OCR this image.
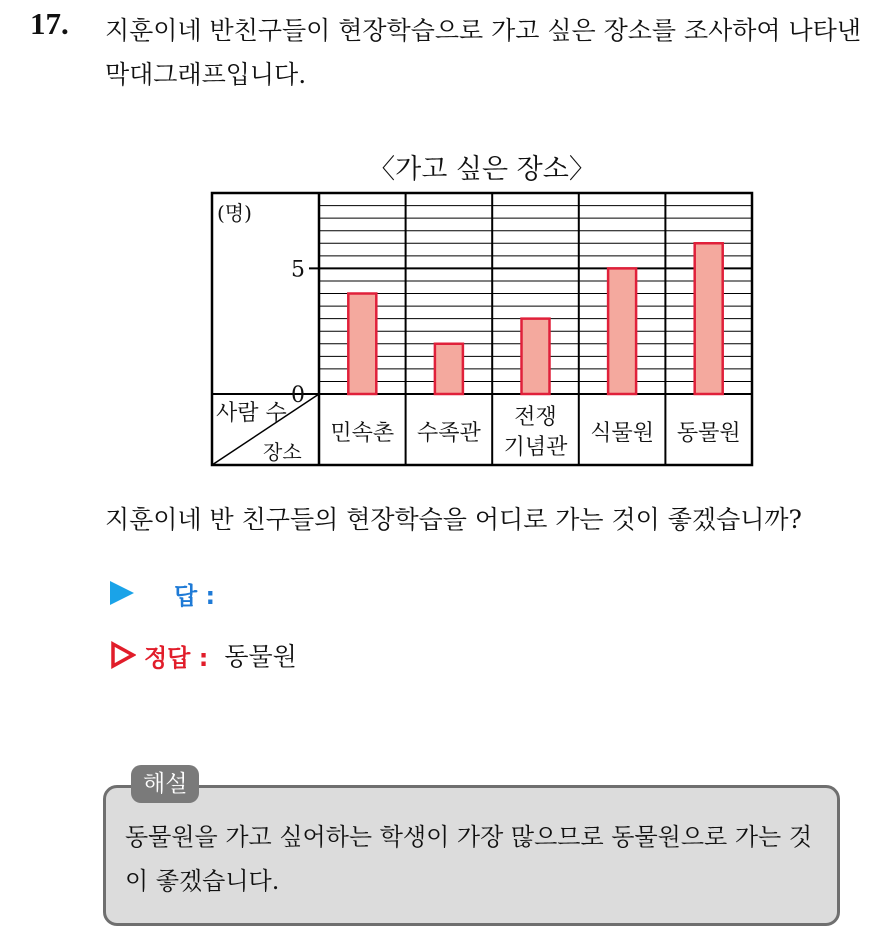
17. 지훈이네 반친구들이 현장학습으로 가고 싶은 장소를 조사하여 나타낸 막대그래프입니다.
〈가고 싶은 장소〉
(명)
0
5
사람 수
장소
민속촌 수족관
전쟁
기념관
식물원 동물원
지훈이네 반 친구들의 현장학습을 어디로 가는 것이 좋겠습니까?
답 :
정답 : 동물원
해설
동물원을 가고 싶어하는 학생이 가장 많으므로 동물원으로 가는 것이 좋겠습니다.
